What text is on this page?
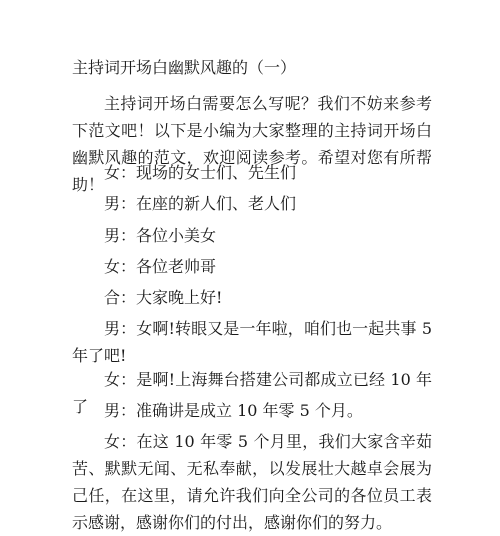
主持词开场白幽默风趣的（一）

主持词开场白需要怎么写呢？我们不妨来参考下范文吧！以下是小编为大家整理的主持词开场白幽默风趣的范文，欢迎阅读参考。希望对您有所帮助！

女：现场的女士们、先生们

男：在座的新人们、老人们

男：各位小美女

女：各位老帅哥

合：大家晚上好!

男：女啊!转眼又是一年啦，咱们也一起共事 5 年了吧!

女：是啊!上海舞台搭建公司都成立已经 10 年了 男：准确讲是成立 10 年零 5 个月。

女：在这 10 年零 5 个月里，我们大家含辛茹苦、默默无闻、无私奉献，以发展壮大越卓会展为己任，在这里，请允许我们向全公司的各位员工表示感谢，感谢你们的付出，感谢你们的努力。
